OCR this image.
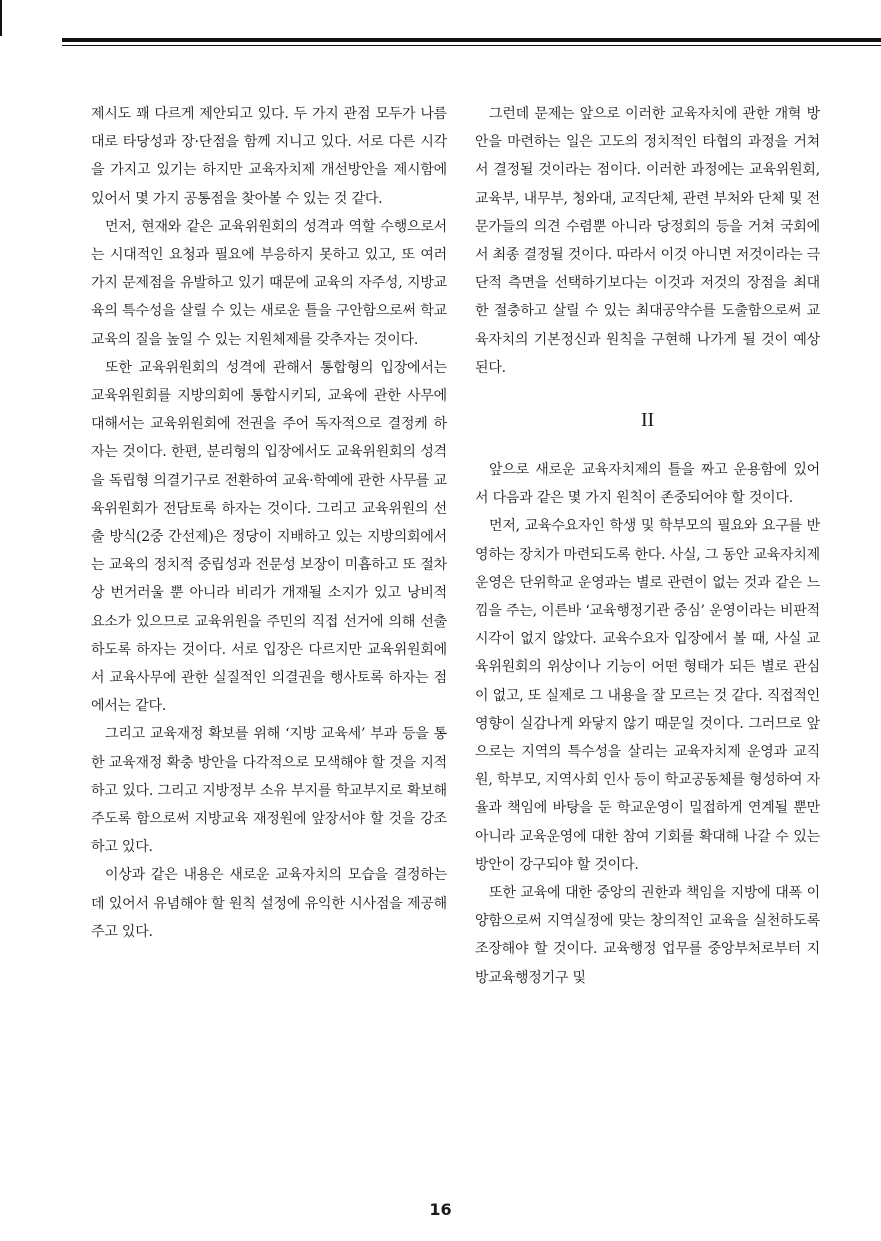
제시도 꽤 다르게 제안되고 있다. 두 가지 관점 모두가 나름대로 타당성과 장·단점을 함께 지니고 있다. 서로 다른 시각을 가지고 있기는 하지만 교육자치제 개선방안을 제시함에 있어서 몇 가지 공통점을 찾아볼 수 있는 것 같다.

먼저, 현재와 같은 교육위원회의 성격과 역할 수행으로서는 시대적인 요청과 필요에 부응하지 못하고 있고, 또 여러 가지 문제점을 유발하고 있기 때문에 교육의 자주성, 지방교육의 특수성을 살릴 수 있는 새로운 틀을 구안함으로써 학교교육의 질을 높일 수 있는 지원체제를 갖추자는 것이다.

또한 교육위원회의 성격에 관해서 통합형의 입장에서는 교육위원회를 지방의회에 통합시키되, 교육에 관한 사무에 대해서는 교육위원회에 전권을 주어 독자적으로 결정케 하자는 것이다. 한편, 분리형의 입장에서도 교육위원회의 성격을 독립형 의결기구로 전환하여 교육·학예에 관한 사무를 교육위원회가 전담토록 하자는 것이다. 그리고 교육위원의 선출 방식(2중 간선제)은 정당이 지배하고 있는 지방의회에서는 교육의 정치적 중립성과 전문성 보장이 미흡하고 또 절차상 번거러울 뿐 아니라 비리가 개재될 소지가 있고 낭비적 요소가 있으므로 교육위원을 주민의 직접 선거에 의해 선출하도록 하자는 것이다. 서로 입장은 다르지만 교육위원회에서 교육사무에 관한 실질적인 의결권을 행사토록 하자는 점에서는 같다.

그리고 교육재정 확보를 위해 ‘지방 교육세’ 부과 등을 통한 교육재정 확충 방안을 다각적으로 모색해야 할 것을 지적하고 있다. 그리고 지방정부 소유 부지를 학교부지로 확보해 주도록 함으로써 지방교육 재정원에 앞장서야 할 것을 강조하고 있다.

이상과 같은 내용은 새로운 교육자치의 모습을 결정하는 데 있어서 유념해야 할 원칙 설정에 유익한 시사점을 제공해 주고 있다.

그런데 문제는 앞으로 이러한 교육자치에 관한 개혁 방안을 마련하는 일은 고도의 정치적인 타협의 과정을 거쳐서 결정될 것이라는 점이다. 이러한 과정에는 교육위원회, 교육부, 내무부, 청와대, 교직단체, 관련 부처와 단체 및 전문가들의 의견 수렴뿐 아니라 당정회의 등을 거쳐 국회에서 최종 결정될 것이다. 따라서 이것 아니면 저것이라는 극단적 측면을 선택하기보다는 이것과 저것의 장점을 최대한 절충하고 살릴 수 있는 최대공약수를 도출함으로써 교육자치의 기본정신과 원칙을 구현해 나가게 될 것이 예상된다.

II

앞으로 새로운 교육자치제의 틀을 짜고 운용함에 있어서 다음과 같은 몇 가지 원칙이 존중되어야 할 것이다.

먼저, 교육수요자인 학생 및 학부모의 필요와 요구를 반영하는 장치가 마련되도록 한다. 사실, 그 동안 교육자치제 운영은 단위학교 운영과는 별로 관련이 없는 것과 같은 느낌을 주는, 이른바 ‘교육행정기관 중심’ 운영이라는 비판적 시각이 없지 않았다. 교육수요자 입장에서 볼 때, 사실 교육위원회의 위상이나 기능이 어떤 형태가 되든 별로 관심이 없고, 또 실제로 그 내용을 잘 모르는 것 같다. 직접적인 영향이 실감나게 와닿지 않기 때문일 것이다. 그러므로 앞으로는 지역의 특수성을 살리는 교육자치제 운영과 교직원, 학부모, 지역사회 인사 등이 학교공동체를 형성하여 자율과 책임에 바탕을 둔 학교운영이 밀접하게 연계될 뿐만 아니라 교육운영에 대한 참여 기회를 확대해 나갈 수 있는 방안이 강구되야 할 것이다.

또한 교육에 대한 중앙의 권한과 책임을 지방에 대폭 이양함으로써 지역실정에 맞는 창의적인 교육을 실천하도록 조장해야 할 것이다. 교육행정 업무를 중앙부처로부터 지방교육행정기구 및

16
